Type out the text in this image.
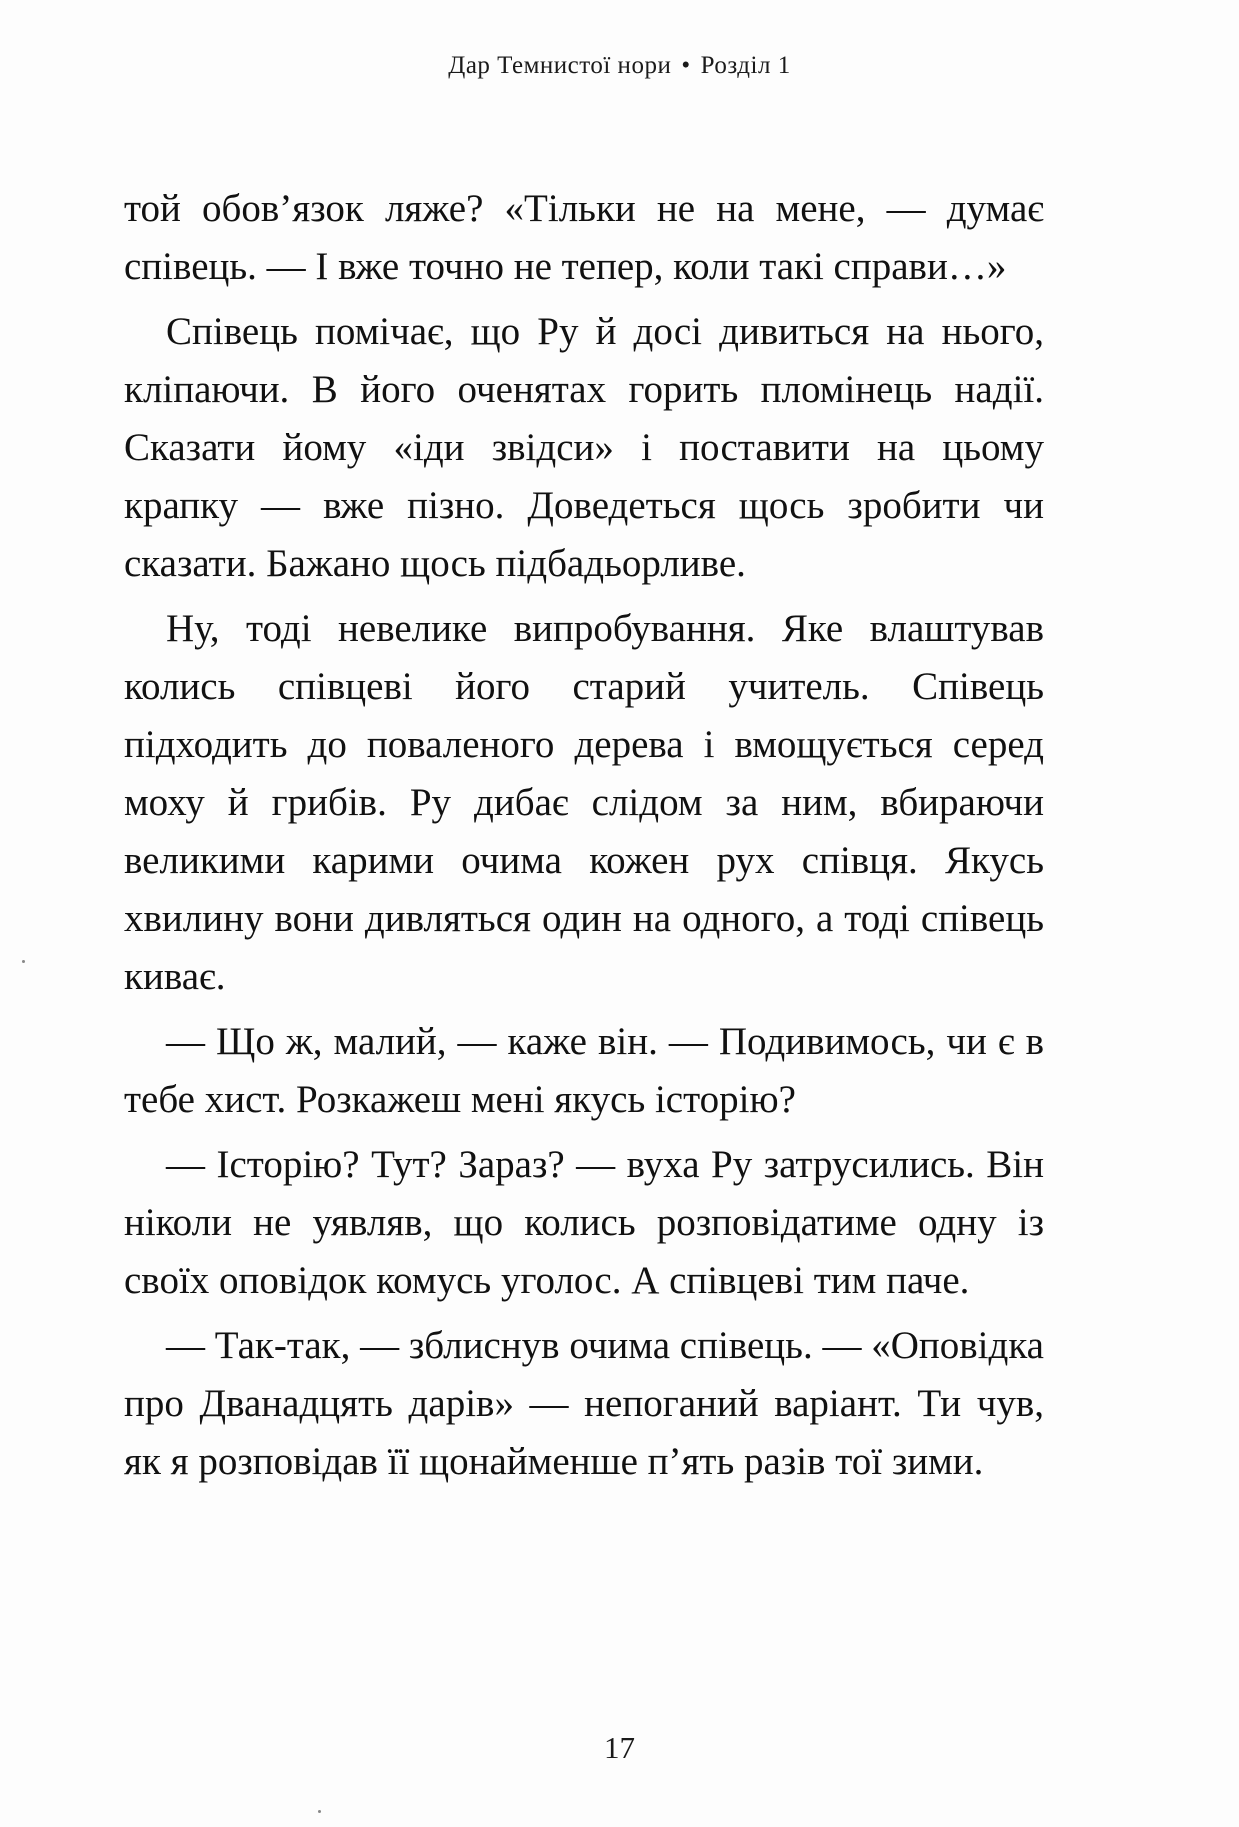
Дар Темнистої нори • Розділ 1

той обов’язок ляже? «Тільки не на мене, — думає співець. — І вже точно не тепер, коли такі справи…»

Співець помічає, що Ру й досі дивиться на нього, кліпаючи. В його оченятах горить пломінець надії. Сказати йому «іди звідси» і поставити на цьому крапку — вже пізно. Доведеться щось зробити чи сказати. Бажано щось підбадьорливе.

Ну, тоді невелике випробування. Яке влаштував колись співцеві його старий учитель. Співець підходить до поваленого дерева і вмощується серед моху й грибів. Ру дибає слідом за ним, вбираючи великими карими очима кожен рух співця. Якусь хвилину вони дивляться один на одного, а тоді співець киває.

— Що ж, малий, — каже він. — Подивимось, чи є в тебе хист. Розкажеш мені якусь історію?

— Історію? Тут? Зараз? — вуха Ру затрусились. Він ніколи не уявляв, що колись розповідатиме одну із своїх оповідок комусь уголос. А співцеві тим паче.

— Так-так, — зблиснув очима співець. — «Оповідка про Дванадцять дарів» — непоганий варіант. Ти чув, як я розповідав її щонайменше п’ять разів тої зими.

17
